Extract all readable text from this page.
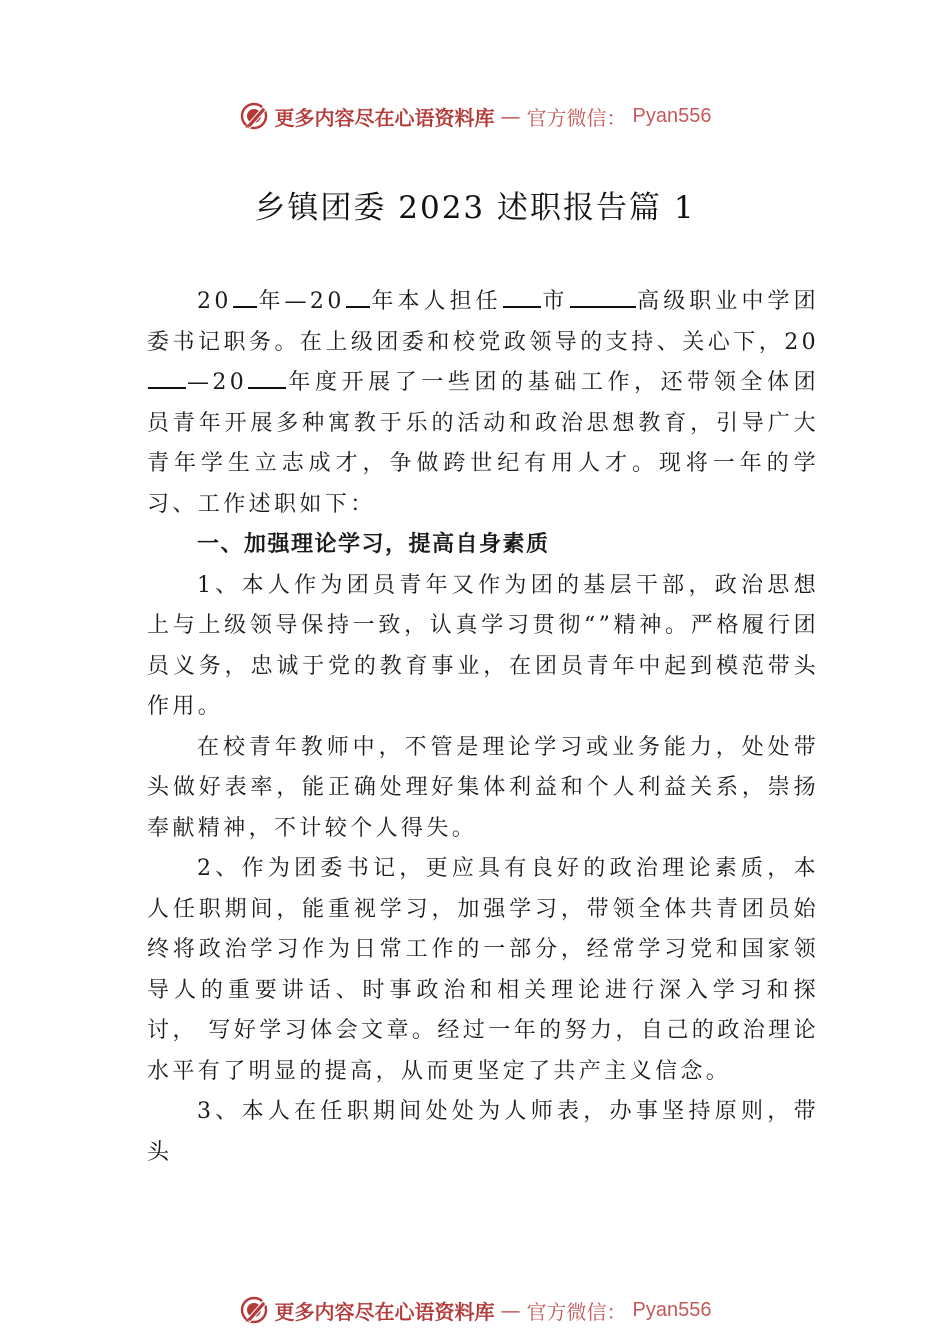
更多内容尽在心语资料库 — 官方微信： Pyan556
乡镇团委 2023 述职报告篇 1

20 年—20 年本人担任 市	高级职业中学团委书记职务。在上级团委和校党政领导的支持、关心下，20—20 年度开展了一些团的基础工作，还带领全体团员青年开展多种寓教于乐的活动和政治思想教育，引导广大青年学生立志成才，争做跨世纪有用人才。现将一年的学习、工作述职如下：

一、加强理论学习，提高自身素质

1、本人作为团员青年又作为团的基层干部，政治思想上与上级领导保持一致，认真学习贯彻“”精神。严格履行团员义务，忠诚于党的教育事业，在团员青年中起到模范带头作用。

在校青年教师中，不管是理论学习或业务能力，处处带头做好表率，能正确处理好集体利益和个人利益关系，崇扬奉献精神，不计较个人得失。

2、作为团委书记，更应具有良好的政治理论素质，本人任职期间，能重视学习，加强学习，带领全体共青团员始终将政治学习作为日常工作的一部分，经常学习党和国家领导人的重要讲话、时事政治和相关理论进行深入学习和探讨， 写好学习体会文章。经过一年的努力，自己的政治理论水平有了明显的提高，从而更坚定了共产主义信念。

3、本人在任职期间处处为人师表，办事坚持原则，带头

更多内容尽在心语资料库 — 官方微信： Pyan556
